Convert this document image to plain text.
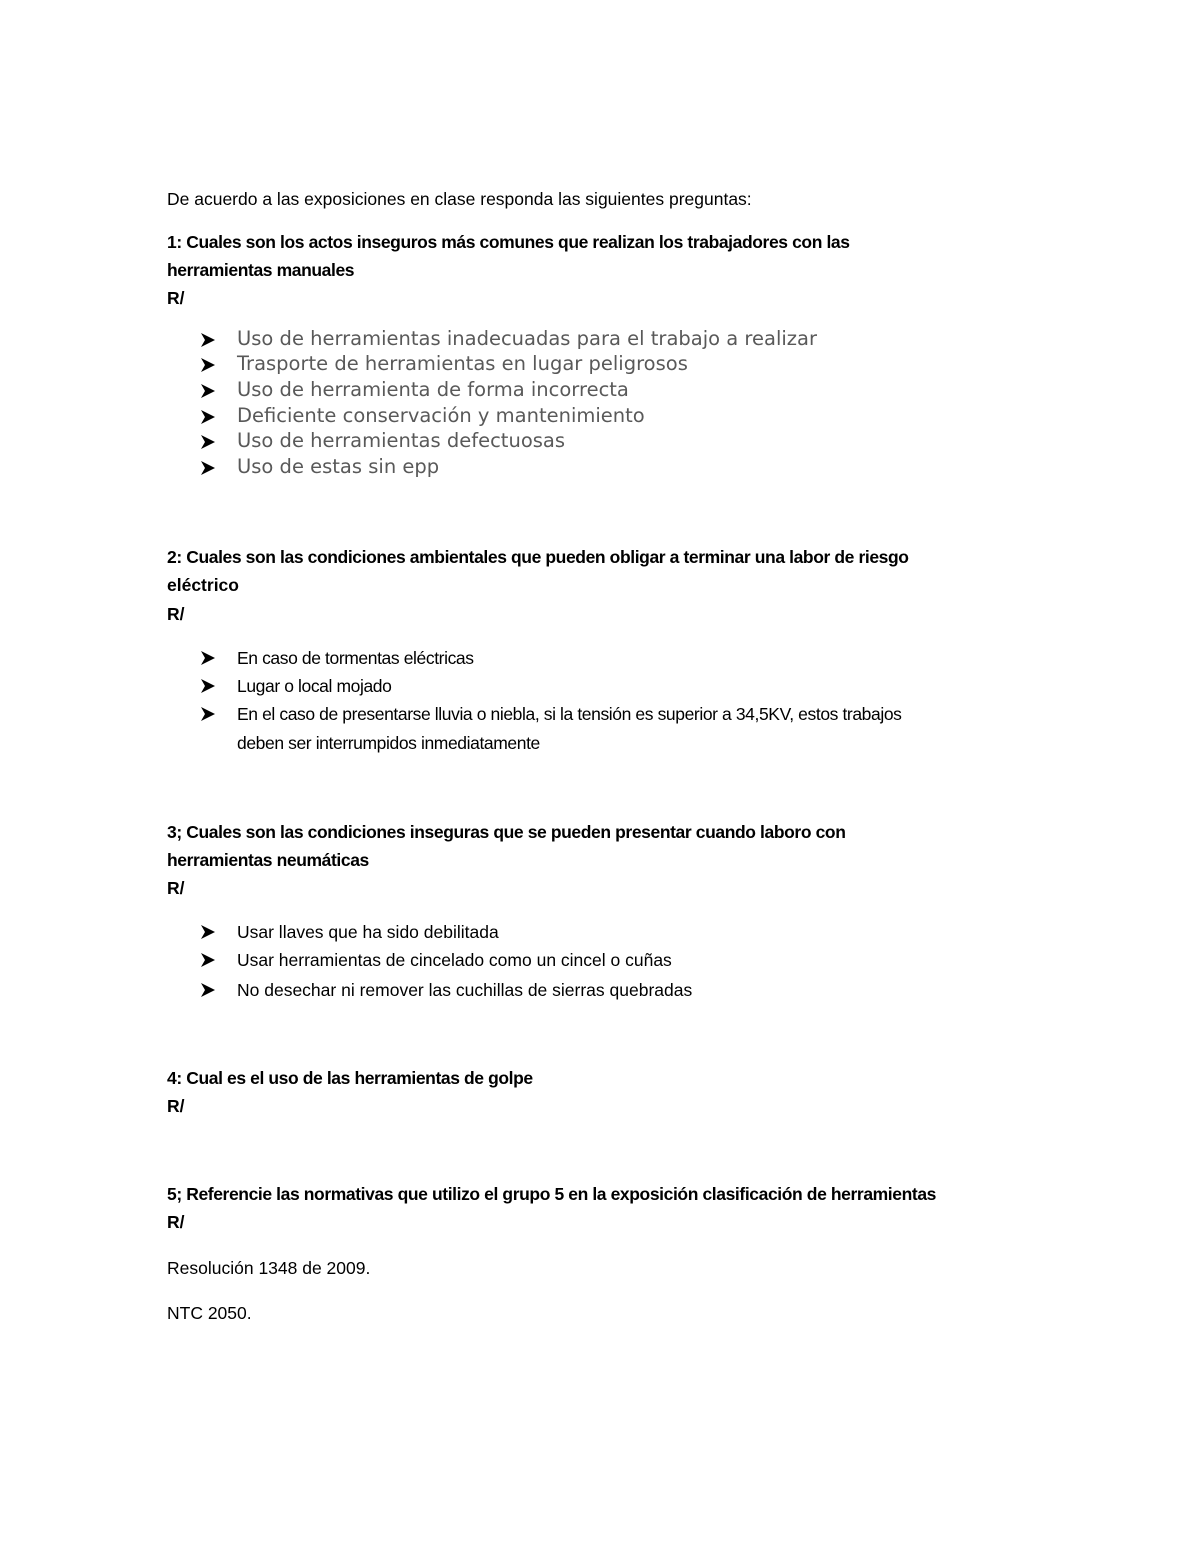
De acuerdo a las exposiciones en clase responda las siguientes preguntas:
1: Cuales son los actos inseguros más comunes que realizan los trabajadores con las
herramientas manuales
R/
Uso de herramientas inadecuadas para el trabajo a realizar
Trasporte de herramientas en lugar peligrosos
Uso de herramienta de forma incorrecta
Deficiente conservación y mantenimiento
Uso de herramientas defectuosas
Uso de estas sin epp
2: Cuales son las condiciones ambientales que pueden obligar a terminar una labor de riesgo
eléctrico
R/
En caso de tormentas eléctricas
Lugar o local mojado
En el caso de presentarse lluvia o niebla, si la tensión es superior a 34,5KV, estos trabajos
deben ser interrumpidos inmediatamente
3; Cuales son las condiciones inseguras que se pueden presentar cuando laboro con
herramientas neumáticas
R/
Usar llaves que ha sido debilitada
Usar herramientas de cincelado como un cincel o cuñas
No desechar ni remover las cuchillas de sierras quebradas
4: Cual es el uso de las herramientas de golpe
R/
5; Referencie las normativas que utilizo el grupo 5 en la exposición clasificación de herramientas
R/
Resolución 1348 de 2009.
NTC 2050.
